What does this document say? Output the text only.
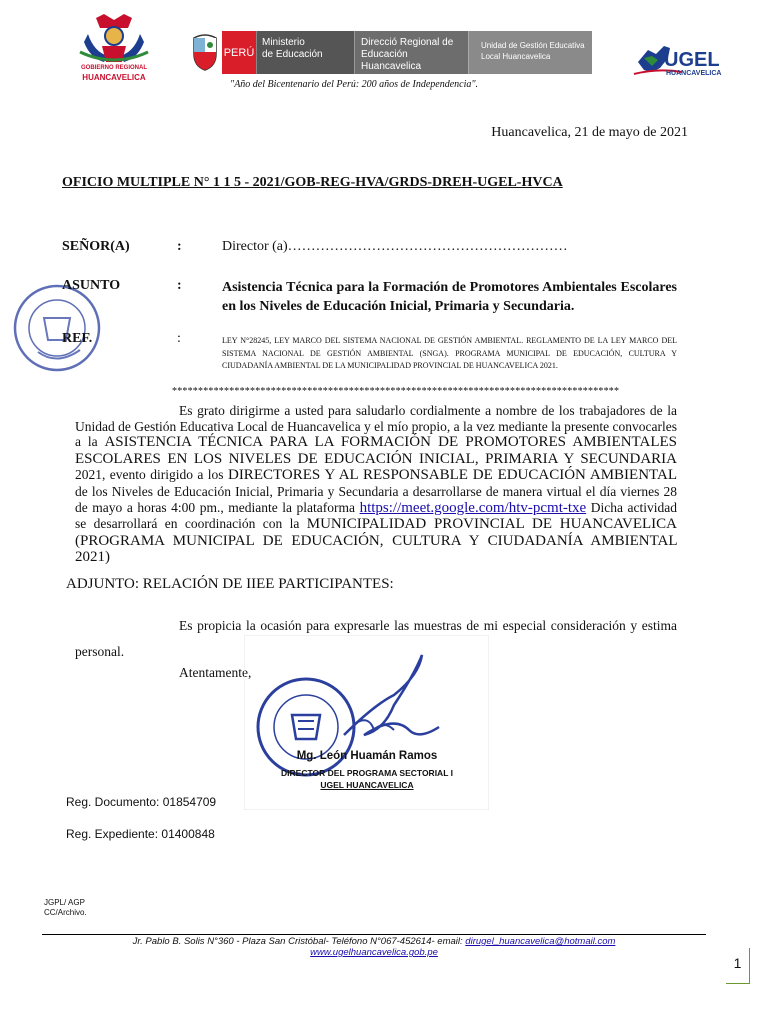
GOBIERNO REGIONAL
HUANCAVELICA
PERÚ
Ministerio
de Educación
Direcció Regional de
Educación Huancavelica
Unidad de Gestión Educativa
Local Huancavelica
"Año del Bicentenario del Perú: 200 años de Independencia".
UGEL
HUANCAVELICA
Huancavelica, 21 de mayo de 2021
OFICIO MULTIPLE N° 1 1 5 - 2021/GOB-REG-HVA/GRDS-DREH-UGEL-HVCA
SEÑOR(A)	:	Director (a)……………………………………………………
ASUNTO	:	Asistencia Técnica para la Formación de Promotores Ambientales Escolares en los Niveles de Educación Inicial, Primaria y Secundaria.
REF.	:	LEY N°28245, LEY MARCO DEL SISTEMA NACIONAL DE GESTIÓN AMBIENTAL. REGLAMENTO DE LA LEY MARCO DEL SISTEMA NACIONAL DE GESTIÓN AMBIENTAL (SNGA). PROGRAMA MUNICIPAL DE EDUCACIÓN, CULTURA Y CIUDADANÍA AMBIENTAL DE LA MUNICIPALIDAD PROVINCIAL DE HUANCAVELICA 2021.
**************************************************************************************
Es grato dirigirme a usted para saludarlo cordialmente a nombre de los trabajadores de la Unidad de Gestión Educativa Local de Huancavelica y el mío propio, a la vez mediante la presente convocarles a la ASISTENCIA TÉCNICA PARA LA FORMACIÓN DE PROMOTORES AMBIENTALES ESCOLARES EN LOS NIVELES DE EDUCACIÓN INICIAL, PRIMARIA Y SECUNDARIA 2021, evento dirigido a los DIRECTORES Y AL RESPONSABLE DE EDUCACIÓN AMBIENTAL de los Niveles de Educación Inicial, Primaria y Secundaria a desarrollarse de manera virtual el día viernes 28 de mayo a horas 4:00 pm., mediante la plataforma https://meet.google.com/htv-pcmt-txe Dicha actividad se desarrollará en coordinación con la MUNICIPALIDAD PROVINCIAL DE HUANCAVELICA (PROGRAMA MUNICIPAL DE EDUCACIÓN, CULTURA Y CIUDADANÍA AMBIENTAL 2021)
ADJUNTO: RELACIÓN DE IIEE PARTICIPANTES:
Es propicia la ocasión para expresarle las muestras de mi especial consideración y estima personal.
Atentamente,
Mg. León Huamán Ramos
DIRECTOR DEL PROGRAMA SECTORIAL I
UGEL HUANCAVELICA
Reg. Documento: 01854709
Reg. Expediente: 01400848
JGPL/ AGP
CC/Archivo.
Jr. Pablo B. Solis N°360 - Plaza San Cristóbal- Teléfono N°067-452614- email: dirugel_huancavelica@hotmail.com
www.ugelhuancavelica.gob.pe
1
